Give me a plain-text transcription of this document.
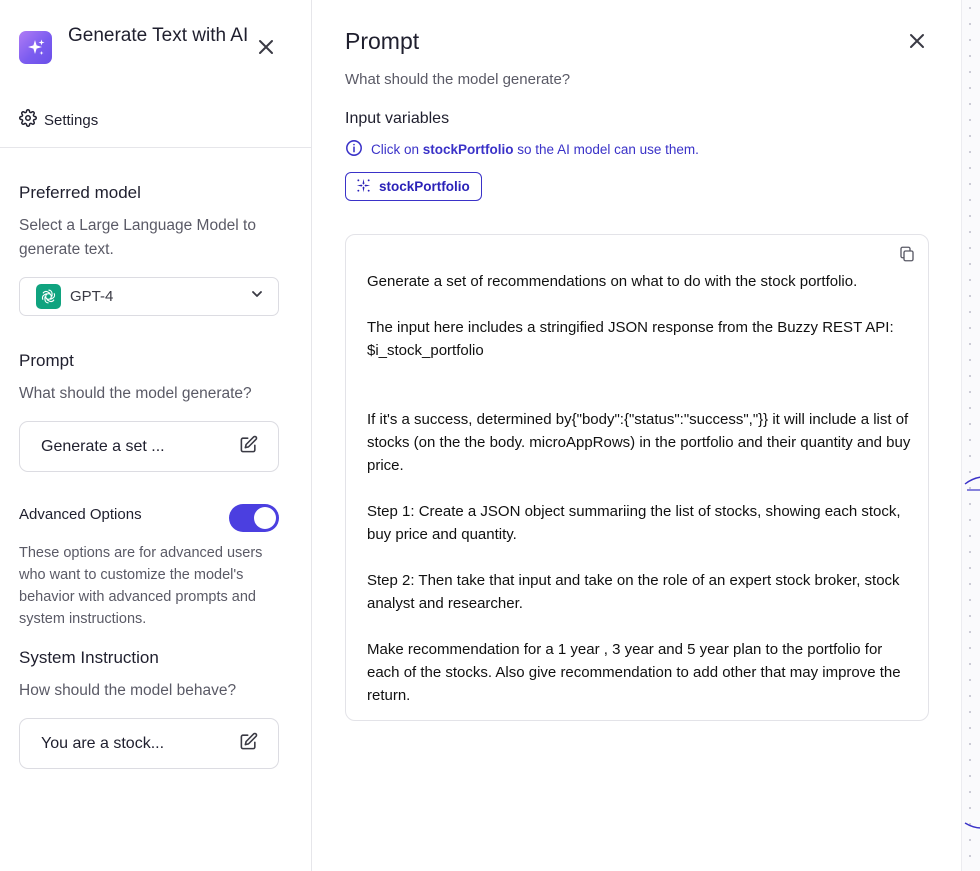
Generate Text with AI
Settings
Preferred model
Select a Large Language Model to generate text.
GPT-4
Prompt
What should the model generate?
Generate a set ...
Advanced Options
These options are for advanced users who want to customize the model's behavior with advanced prompts and system instructions.
System Instruction
How should the model behave?
You are a stock...
Prompt
What should the model generate?
Input variables
Click on stockPortfolio so the AI model can use them.
stockPortfolio

Generate a set of recommendations on what to do with the stock portfolio.

The input here includes a stringified JSON response from the Buzzy REST API:

$i_stock_portfolio

If it's a success, determined by{"body":{"status":"success","}} it will include a list of stocks (on the the body. microAppRows) in the portfolio and their quantity and buy price.

Step 1: Create a JSON object summariing the list of stocks, showing each stock, buy price and quantity.

Step 2: Then take that input and take on the role of an expert stock broker, stock analyst and researcher.

Make recommendation for a 1 year , 3 year and 5 year plan to the portfolio for each of the stocks. Also give recommendation to add other that may improve the return.
